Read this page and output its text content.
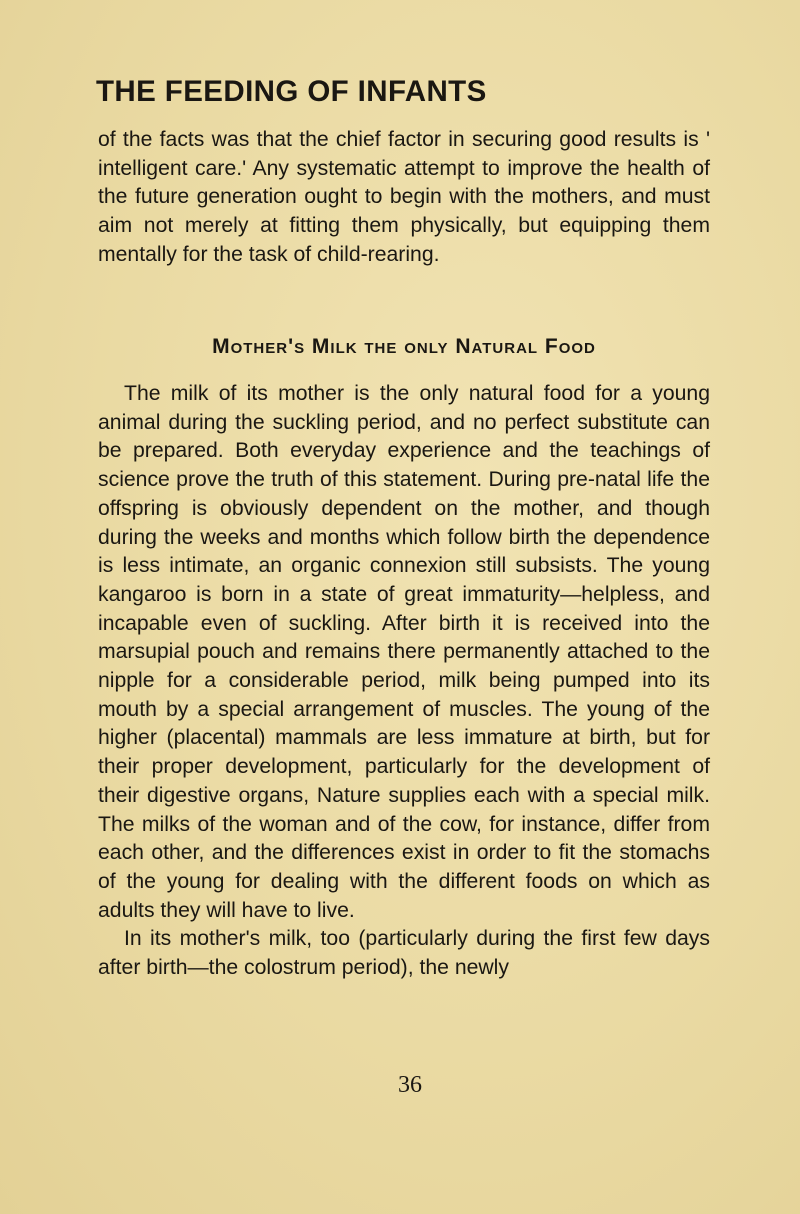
THE FEEDING OF INFANTS

of the facts was that the chief factor in securing good results is ' intelligent care.' Any systematic attempt to improve the health of the future generation ought to begin with the mothers, and must aim not merely at fitting them physically, but equipping them mentally for the task of child-rearing.

Mother's Milk the only Natural Food

The milk of its mother is the only natural food for a young animal during the suckling period, and no perfect substitute can be prepared. Both everyday experience and the teachings of science prove the truth of this statement. During pre-natal life the offspring is obviously dependent on the mother, and though during the weeks and months which follow birth the dependence is less intimate, an organic connexion still subsists. The young kangaroo is born in a state of great immaturity—helpless, and incapable even of suckling. After birth it is received into the marsupial pouch and remains there permanently attached to the nipple for a considerable period, milk being pumped into its mouth by a special arrangement of muscles. The young of the higher (placental) mammals are less immature at birth, but for their proper development, particularly for the development of their digestive organs, Nature supplies each with a special milk. The milks of the woman and of the cow, for instance, differ from each other, and the differences exist in order to fit the stomachs of the young for dealing with the different foods on which as adults they will have to live.

In its mother's milk, too (particularly during the first few days after birth—the colostrum period), the newly

36
